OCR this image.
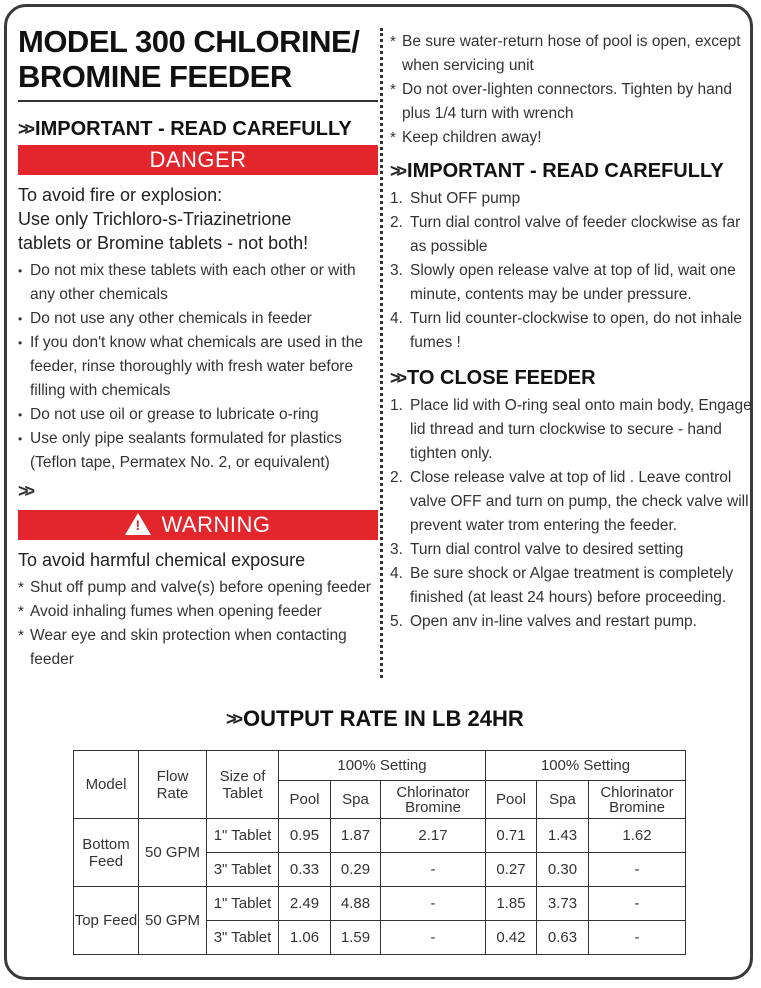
MODEL 300 CHLORINE/
BROMINE FEEDER
>> IMPORTANT - READ CAREFULLY
DANGER
To avoid fire or explosion:
Use only Trichloro-s-Triazinetrione
tablets or Bromine tablets - not both!
• Do not mix these tablets with each other or with any other chemicals
• Do not use any other chemicals in feeder
• If you don't know what chemicals are used in the feeder, rinse thoroughly with fresh water before filling with chemicals
• Do not use oil or grease to lubricate o-ring
• Use only pipe sealants formulated for plastics (Teflon tape, Permatex No. 2, or equivalent)
>>
! WARNING
To avoid harmful chemical exposure
* Shut off pump and valve(s) before opening feeder
* Avoid inhaling fumes when opening feeder
* Wear eye and skin protection when contacting feeder
* Be sure water-return hose of pool is open, except when servicing unit
* Do not over-lighten connectors. Tighten by hand plus 1/4 turn with wrench
* Keep children away!
>> IMPORTANT - READ CAREFULLY
1. Shut OFF pump
2. Turn dial control valve of feeder clockwise as far as possible
3. Slowly open release valve at top of lid, wait one minute, contents may be under pressure.
4. Turn lid counter-clockwise to open, do not inhale fumes !
>> TO CLOSE FEEDER
1. Place lid with O-ring seal onto main body, Engage lid thread and turn clockwise to secure - hand tighten only.
2. Close release valve at top of lid . Leave control valve OFF and turn on pump, the check valve will prevent water trom entering the feeder.
3. Turn dial control valve to desired setting
4. Be sure shock or Algae treatment is completely finished (at least 24 hours) before proceeding.
5. Open anv in-line valves and restart pump.
>> OUTPUT RATE IN LB 24HR
Model	Flow Rate	Size of Tablet	100% Setting			100% Setting		
			Pool	Spa	Chlorinator Bromine	Pool	Spa	Chlorinator Bromine
Bottom Feed	50 GPM	1" Tablet	0.95	1.87	2.17	0.71	1.43	1.62
		3" Tablet	0.33	0.29	-	0.27	0.30	-
Top Feed	50 GPM	1" Tablet	2.49	4.88	-	1.85	3.73	-
		3" Tablet	1.06	1.59	-	0.42	0.63	-
